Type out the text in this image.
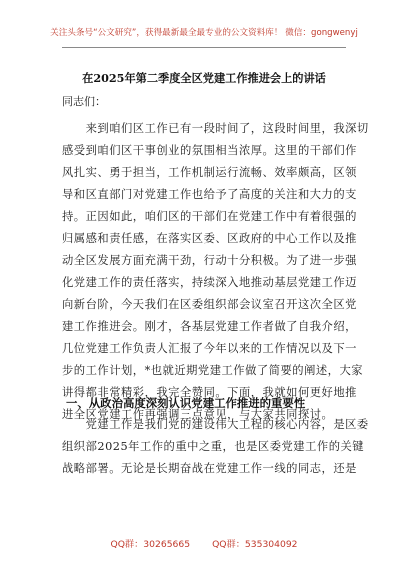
关注头条号“公文研究”，获得最新最全最专业的公文资料库！ 微信：gongwenyj
在2025年第二季度全区党建工作推进会上的讲话
同志们：
　　来到咱们区工作已有一段时间了，这段时间里，我深切
感受到咱们区干事创业的氛围相当浓厚。这里的干部们作
风扎实、勇于担当，工作机制运行流畅、效率颇高，区领
导和区直部门对党建工作也给予了高度的关注和大力的支
持。正因如此，咱们区的干部们在党建工作中有着很强的
归属感和责任感，在落实区委、区政府的中心工作以及推
动全区发展方面充满干劲，行动十分积极。为了进一步强
化党建工作的责任落实，持续深入地推动基层党建工作迈
向新台阶，今天我们在区委组织部会议室召开这次全区党
建工作推进会。刚才，各基层党建工作者做了自我介绍，
几位党建工作负责人汇报了今年以来的工作情况以及下一
步的工作计划，*也就近期党建工作做了简要的阐述，大家
讲得都非常精彩，我完全赞同。下面，我就如何更好地推
进全区党建工作再强调三点意见，与大家共同探讨。
一、从政治高度深刻认识党建工作推进的重要性
　　党建工作是我们党的建设伟大工程的核心内容，是区委
组织部2025年工作的重中之重，也是区委党建工作的关键
战略部署。无论是长期奋战在党建工作一线的同志，还是
QQ群：30265665 QQ群：535304092
